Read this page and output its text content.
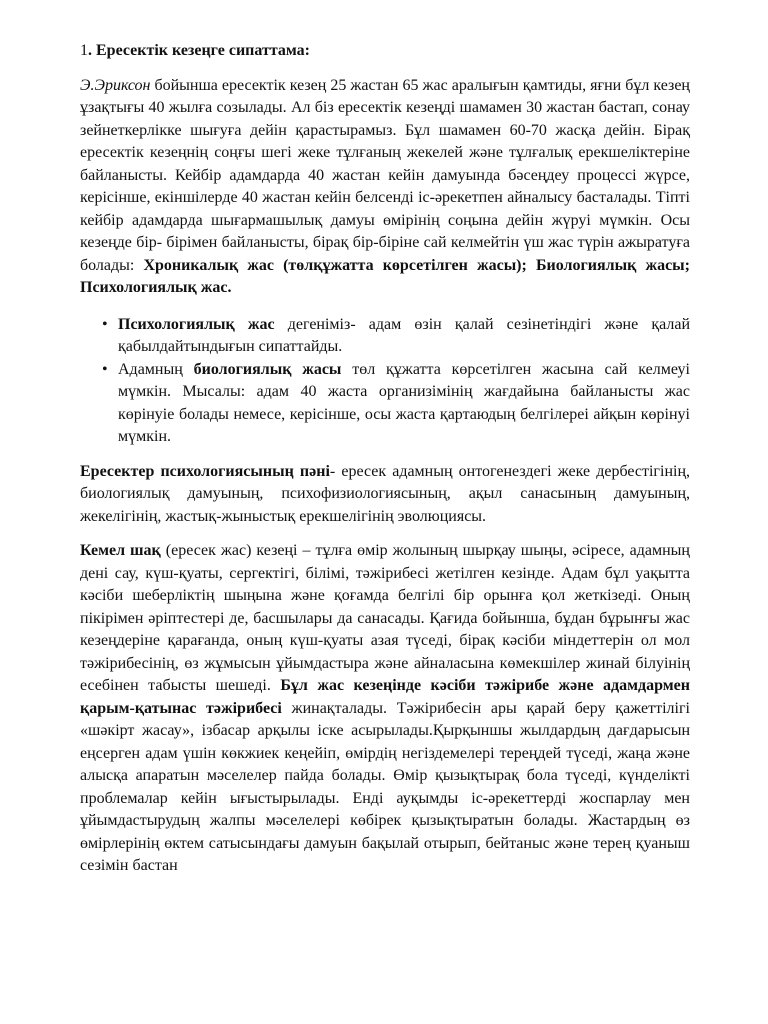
1. Ересектік кезеңге сипаттама:

Э.Эриксон бойынша ересектік кезең 25 жастан 65 жас аралығын қамтиды, яғни бұл кезең ұзақтығы 40 жылға созылады. Ал біз ересектік кезеңді шамамен 30 жастан бастап, сонау зейнеткерлікке шығуға дейін қарастырамыз. Бұл шамамен 60-70 жасқа дейін. Бірақ ересектік кезеңнің соңғы шегі жеке тұлғаның жекелей және тұлғалық ерекшеліктеріне байланысты. Кейбір адамдарда 40 жастан кейін дамуында бәсеңдеу процессі жүрсе, керісінше, екіншілерде 40 жастан кейін белсенді іс-әрекетпен айналысу басталады. Тіпті кейбір адамдарда шығармашылық дамуы өмірінің соңына дейін жүруі мүмкін. Осы кезеңде бір- бірімен байланысты, бірақ бір-біріне сай келмейтін үш жас түрін ажыратуға болады: Хроникалық жас (төлқұжатта көрсетілген жасы); Биологиялық жасы; Психологиялық жас.

• Психологиялық жас дегеніміз- адам өзін қалай сезінетіндігі және қалай қабылдайтындығын сипаттайды.
• Адамның биологиялық жасы төл құжатта көрсетілген жасына сай келмеуі мүмкін. Мысалы: адам 40 жаста организімінің жағдайына байланысты жас көрінуіе болады немесе, керісінше, осы жаста қартаюдың белгілереі айқын көрінуі мүмкін.

Ересектер психологиясының пәні- ересек адамның онтогенездегі жеке дербестігінің, биологиялық дамуының, психофизиологиясының, ақыл санасының дамуының, жекелігінің, жастық-жыныстық ерекшелігінің эволюциясы.

Кемел шақ (ересек жас) кезеңі – тұлға өмір жолының шырқау шыңы, әсіресе, адамның дені сау, күш-қуаты, сергектігі, білімі, тәжірибесі жетілген кезінде. Адам бұл уақытта кәсіби шеберліктің шыңына және қоғамда белгілі бір орынға қол жеткізеді. Оның пікірімен әріптестері де, басшылары да санасады. Қағида бойынша, бұдан бұрынғы жас кезеңдеріне қарағанда, оның күш-қуаты азая түседі, бірақ кәсіби міндеттерін ол мол тәжірибесінің, өз жұмысын ұйымдастыра және айналасына көмекшілер жинай білуінің есебінен табысты шешеді. Бұл жас кезеңінде кәсіби тәжірибе және адамдармен қарым-қатынас тәжірибесі жинақталады. Тәжірибесін ары қарай беру қажеттілігі «шәкірт жасау», ізбасар арқылы іске асырылады.Қырқыншы жылдардың дағдарысын еңсерген адам үшін көкжиек кеңейіп, өмірдің негіздемелері тереңдей түседі, жаңа және алысқа апаратын мәселелер пайда болады. Өмір қызықтырақ бола түседі, күнделікті проблемалар кейін ығыстырылады. Енді ауқымды іс-әрекеттерді жоспарлау мен ұйымдастырудың жалпы мәселелері көбірек қызықтыратын болады. Жастардың өз өмірлерінің өктем сатысындағы дамуын бақылай отырып, бейтаныс және терең қуаныш сезімін бастан
